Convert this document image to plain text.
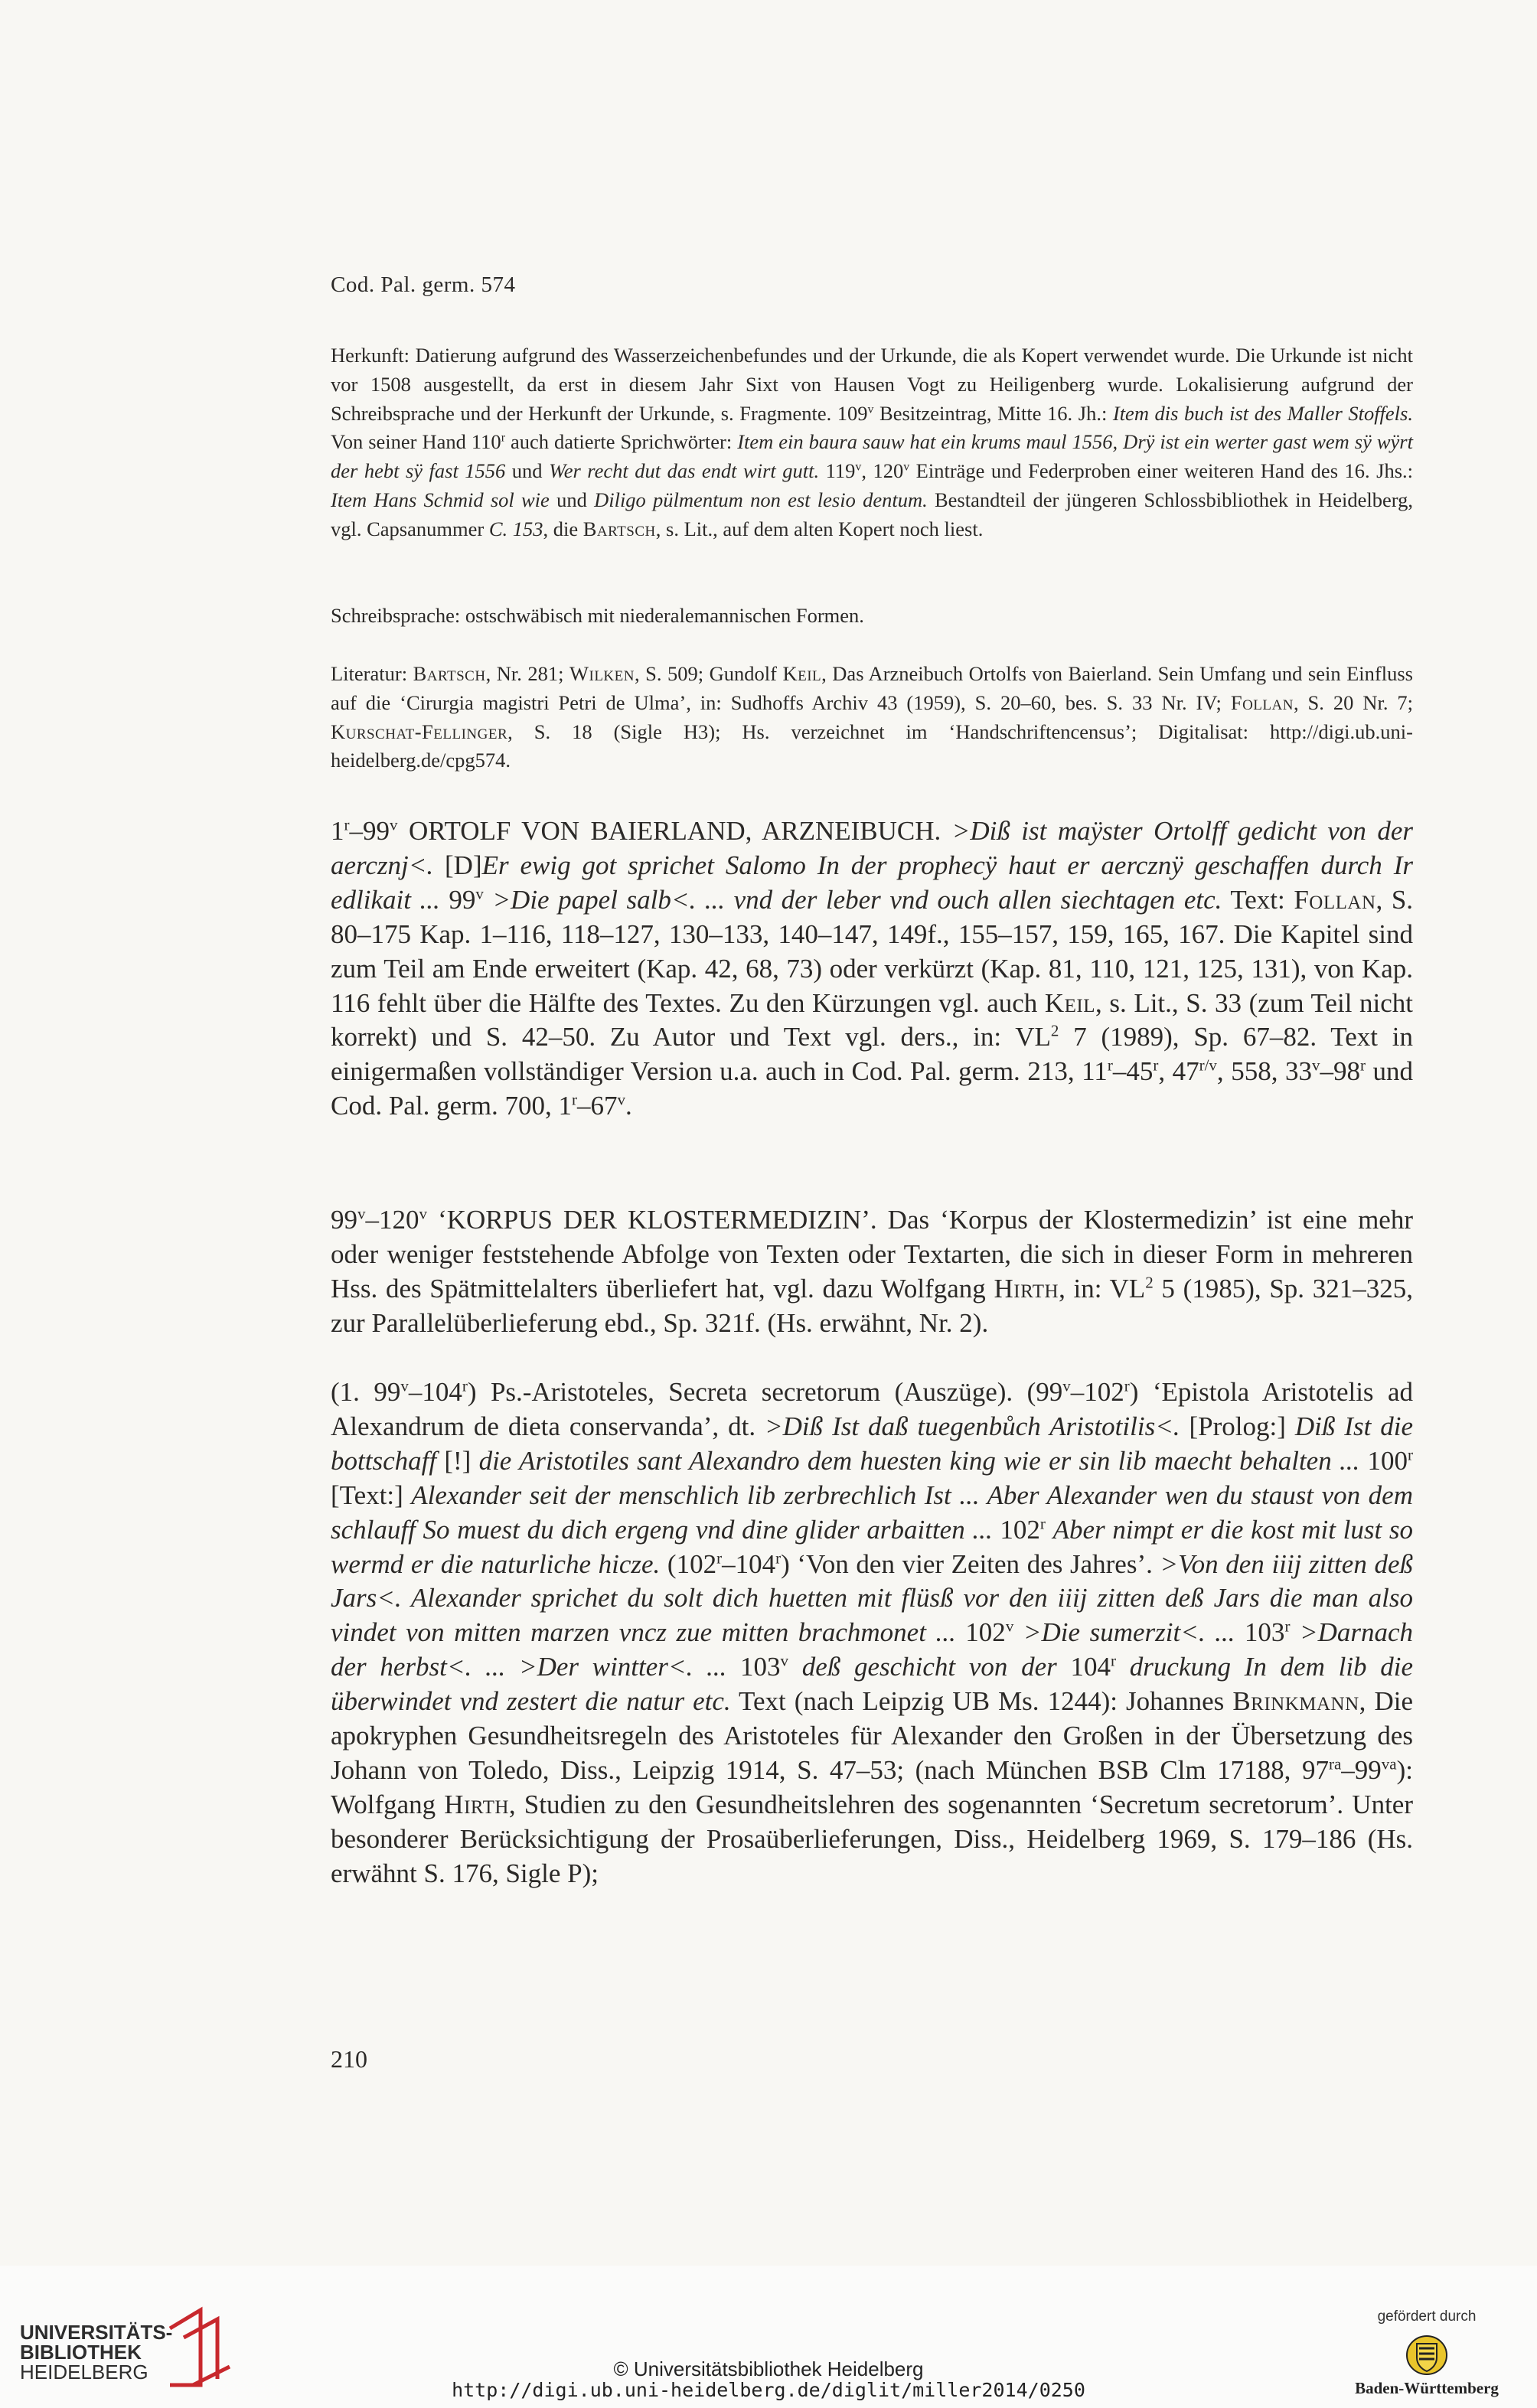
Cod. Pal. germ. 574
Herkunft: Datierung aufgrund des Wasserzeichenbefundes und der Urkunde, die als Kopert verwendet wurde. Die Urkunde ist nicht vor 1508 ausgestellt, da erst in diesem Jahr Sixt von Hausen Vogt zu Heiligenberg wurde. Lokalisierung aufgrund der Schreibsprache und der Herkunft der Urkunde, s. Fragmente. 109$^v$ Besitzeintrag, Mitte 16. Jh.: Item dis buch ist des Maller Stoffels. Von seiner Hand 110$^r$ auch datierte Sprichwörter: Item ein baura sauw hat ein krums maul 1556, Drÿ ist ein werter gast wem sÿ wÿrt der hebt sÿ fast 1556 und Wer recht dut das endt wirt gutt. 119$^v$, 120$^v$ Einträge und Federproben einer weiteren Hand des 16. Jhs.: Item Hans Schmid sol wie und Diligo pülmentum non est lesio dentum. Bestandteil der jüngeren Schlossbibliothek in Heidelberg, vgl. Capsanummer C. 153, die Bartsch, s. Lit., auf dem alten Kopert noch liest.
Schreibsprache: ostschwäbisch mit niederalemannischen Formen.
Literatur: Bartsch, Nr. 281; Wilken, S. 509; Gundolf Keil, Das Arzneibuch Ortolfs von Baierland. Sein Umfang und sein Einfluss auf die ‘Cirurgia magistri Petri de Ulma’, in: Sudhoffs Archiv 43 (1959), S. 20–60, bes. S. 33 Nr. IV; Follan, S. 20 Nr. 7; Kurschat-Fellinger, S. 18 (Sigle H3); Hs. verzeichnet im ‘Handschriftencensus’; Digitalisat: http://digi.ub.uni-heidelberg.de/cpg574.
1$^r$–99$^v$ ORTOLF VON BAIERLAND, ARZNEIBUCH. >Diß ist maÿster Ortolff gedicht von der aercznj<. [D]Er ewig got sprichet Salomo In der prophecÿ haut er aercznÿ geschaffen durch Ir edlikait ... $99^v >Die$ papel salb<. ... vnd der leber vnd ouch allen siechtagen etc. Text: Follan, S. 80–175 Kap. 1–116, 118–127, 130–133, 140–147, 149f., 155–157, 159, 165, 167. Die Kapitel sind zum Teil am Ende erweitert (Kap. 42, 68, 73) oder verkürzt (Kap. 81, 110, 121, 125, 131), von Kap. 116 fehlt über die Hälfte des Textes. Zu den Kürzungen vgl. auch Keil, s. Lit., S. 33 (zum Teil nicht korrekt) und S. 42–50. Zu Autor und Text vgl. ders., in: $VL^2$ 7 (1989), Sp. 67–82. Text in einigermaßen vollständiger Version u.a. auch in Cod. Pal. germ. 213, 11$^r$–45$^r$, $47^{r/v}$, 558, 33$^v$–98$^r$ und Cod. Pal. germ. 700, 1$^r$–67$^v$.
99$^v$–120$^v$ ‘KORPUS DER KLOSTERMEDIZIN’. Das ‘Korpus der Klostermedizin’ ist eine mehr oder weniger feststehende Abfolge von Texten oder Textarten, die sich in dieser Form in mehreren Hss. des Spätmittelalters überliefert hat, vgl. dazu Wolfgang Hirth, in: $VL^2$ 5 (1985), Sp. 321–325, zur Parallelüberlieferung ebd., Sp. 321f. (Hs. erwähnt, Nr. 2).
(1. 99$^v$–104$^r$) Ps.-Aristoteles, Secreta secretorum (Auszüge). (99$^v$–102$^r$) ‘Epistola Aristotelis ad Alexandrum de dieta conservanda’, dt. >Diß Ist daß tuegenbůch Aristotilis<. [Prolog:] Diß Ist die bottschaff [!] die Aristotiles sant Alexandro dem huesten king wie er sin lib maecht behalten ... 100$^r$ [Text:] Alexander seit der menschlich lib zerbrechlich Ist ... Aber Alexander wen du staust von dem schlauff So muest du dich ergeng vnd dine glider arbaitten ... 102$^r$ Aber nimpt er die kost mit lust so wermd er die naturliche hicze. (102$^r$–104$^r$) ‘Von den vier Zeiten des Jahres’. >Von den iiij zitten deß Jars<. Alexander sprichet du solt dich huetten mit flüsß vor den iiij zitten deß Jars die man also vindet von mitten marzen vncz zue mitten brachmonet ... $102^v >Die$ sumerzit<. ... $103^r$ >Darnach der herbst<. ... >Der wintter<. ... 103$^v$ deß geschicht von der 104$^r$ druckung In dem lib die überwindet vnd zestert die natur etc. Text (nach Leipzig UB Ms. 1244): Johannes Brinkmann, Die apokryphen Gesundheitsregeln des Aristoteles für Alexander den Großen in der Übersetzung des Johann von Toledo, Diss., Leipzig 1914, S. 47–53; (nach München BSB Clm 17188, $97^{ra}-99^{va}$): Wolfgang Hirth, Studien zu den Gesundheitslehren des sogenannten ‘Secretum secretorum’. Unter besonderer Berücksichtigung der Prosaüberlieferungen, Diss., Heidelberg 1969, S. 179–186 (Hs. erwähnt S. 176, Sigle P);
210
UNIVERSITÄTS-
BIBLIOTHEK
HEIDELBERG	© Universitätsbibliothek Heidelberg
http://digi.ub.uni-heidelberg.de/diglit/miller2014/0250
gefördert durch
Baden-Württemberg
